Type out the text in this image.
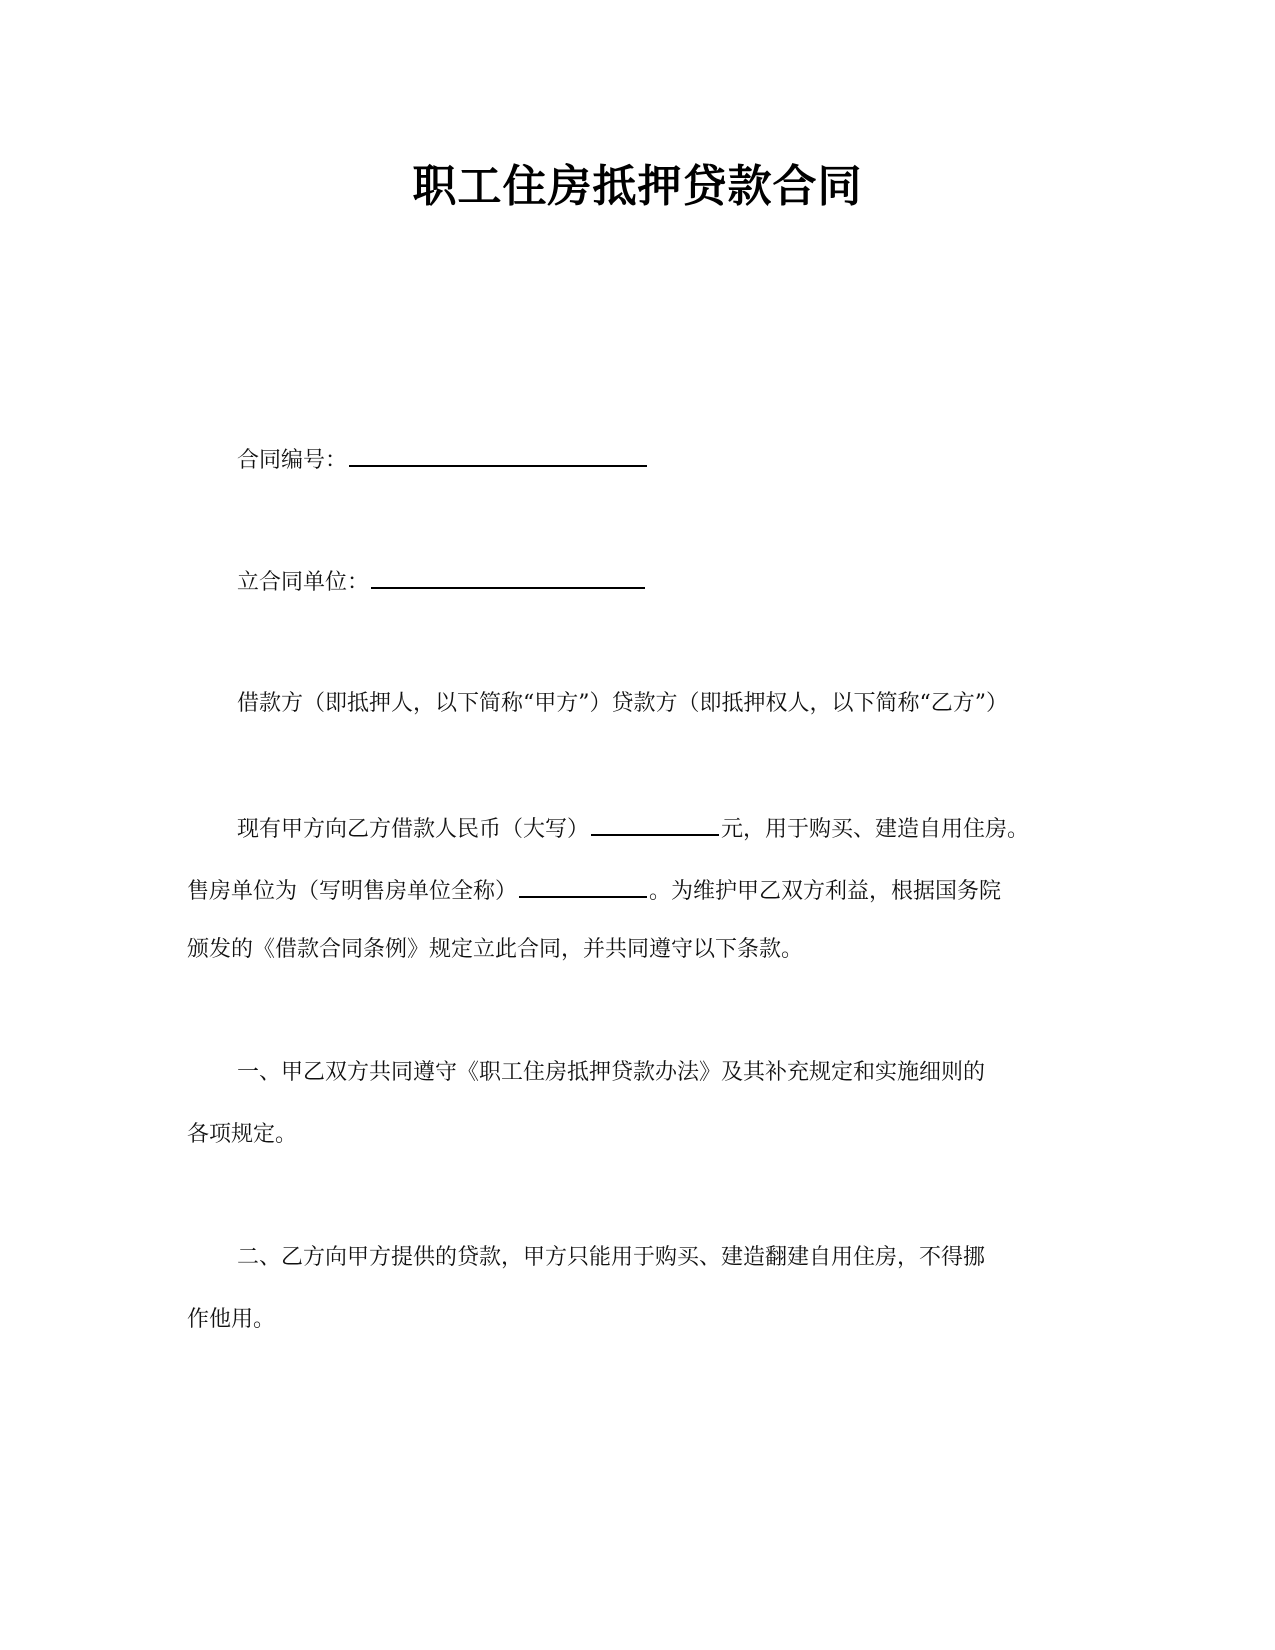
职工住房抵押贷款合同
合同编号：
立合同单位：
借款方（即抵押人，以下简称“甲方”）贷款方（即抵押权人，以下简称“乙方”）
现有甲方向乙方借款人民币（大写）	元，用于购买、建造自用住房。
售房单位为（写明售房单位全称）	。为维护甲乙双方利益，根据国务院
颁发的《借款合同条例》规定立此合同，并共同遵守以下条款。
一、甲乙双方共同遵守《职工住房抵押贷款办法》及其补充规定和实施细则的
各项规定。
二、乙方向甲方提供的贷款，甲方只能用于购买、建造翻建自用住房，不得挪
作他用。
